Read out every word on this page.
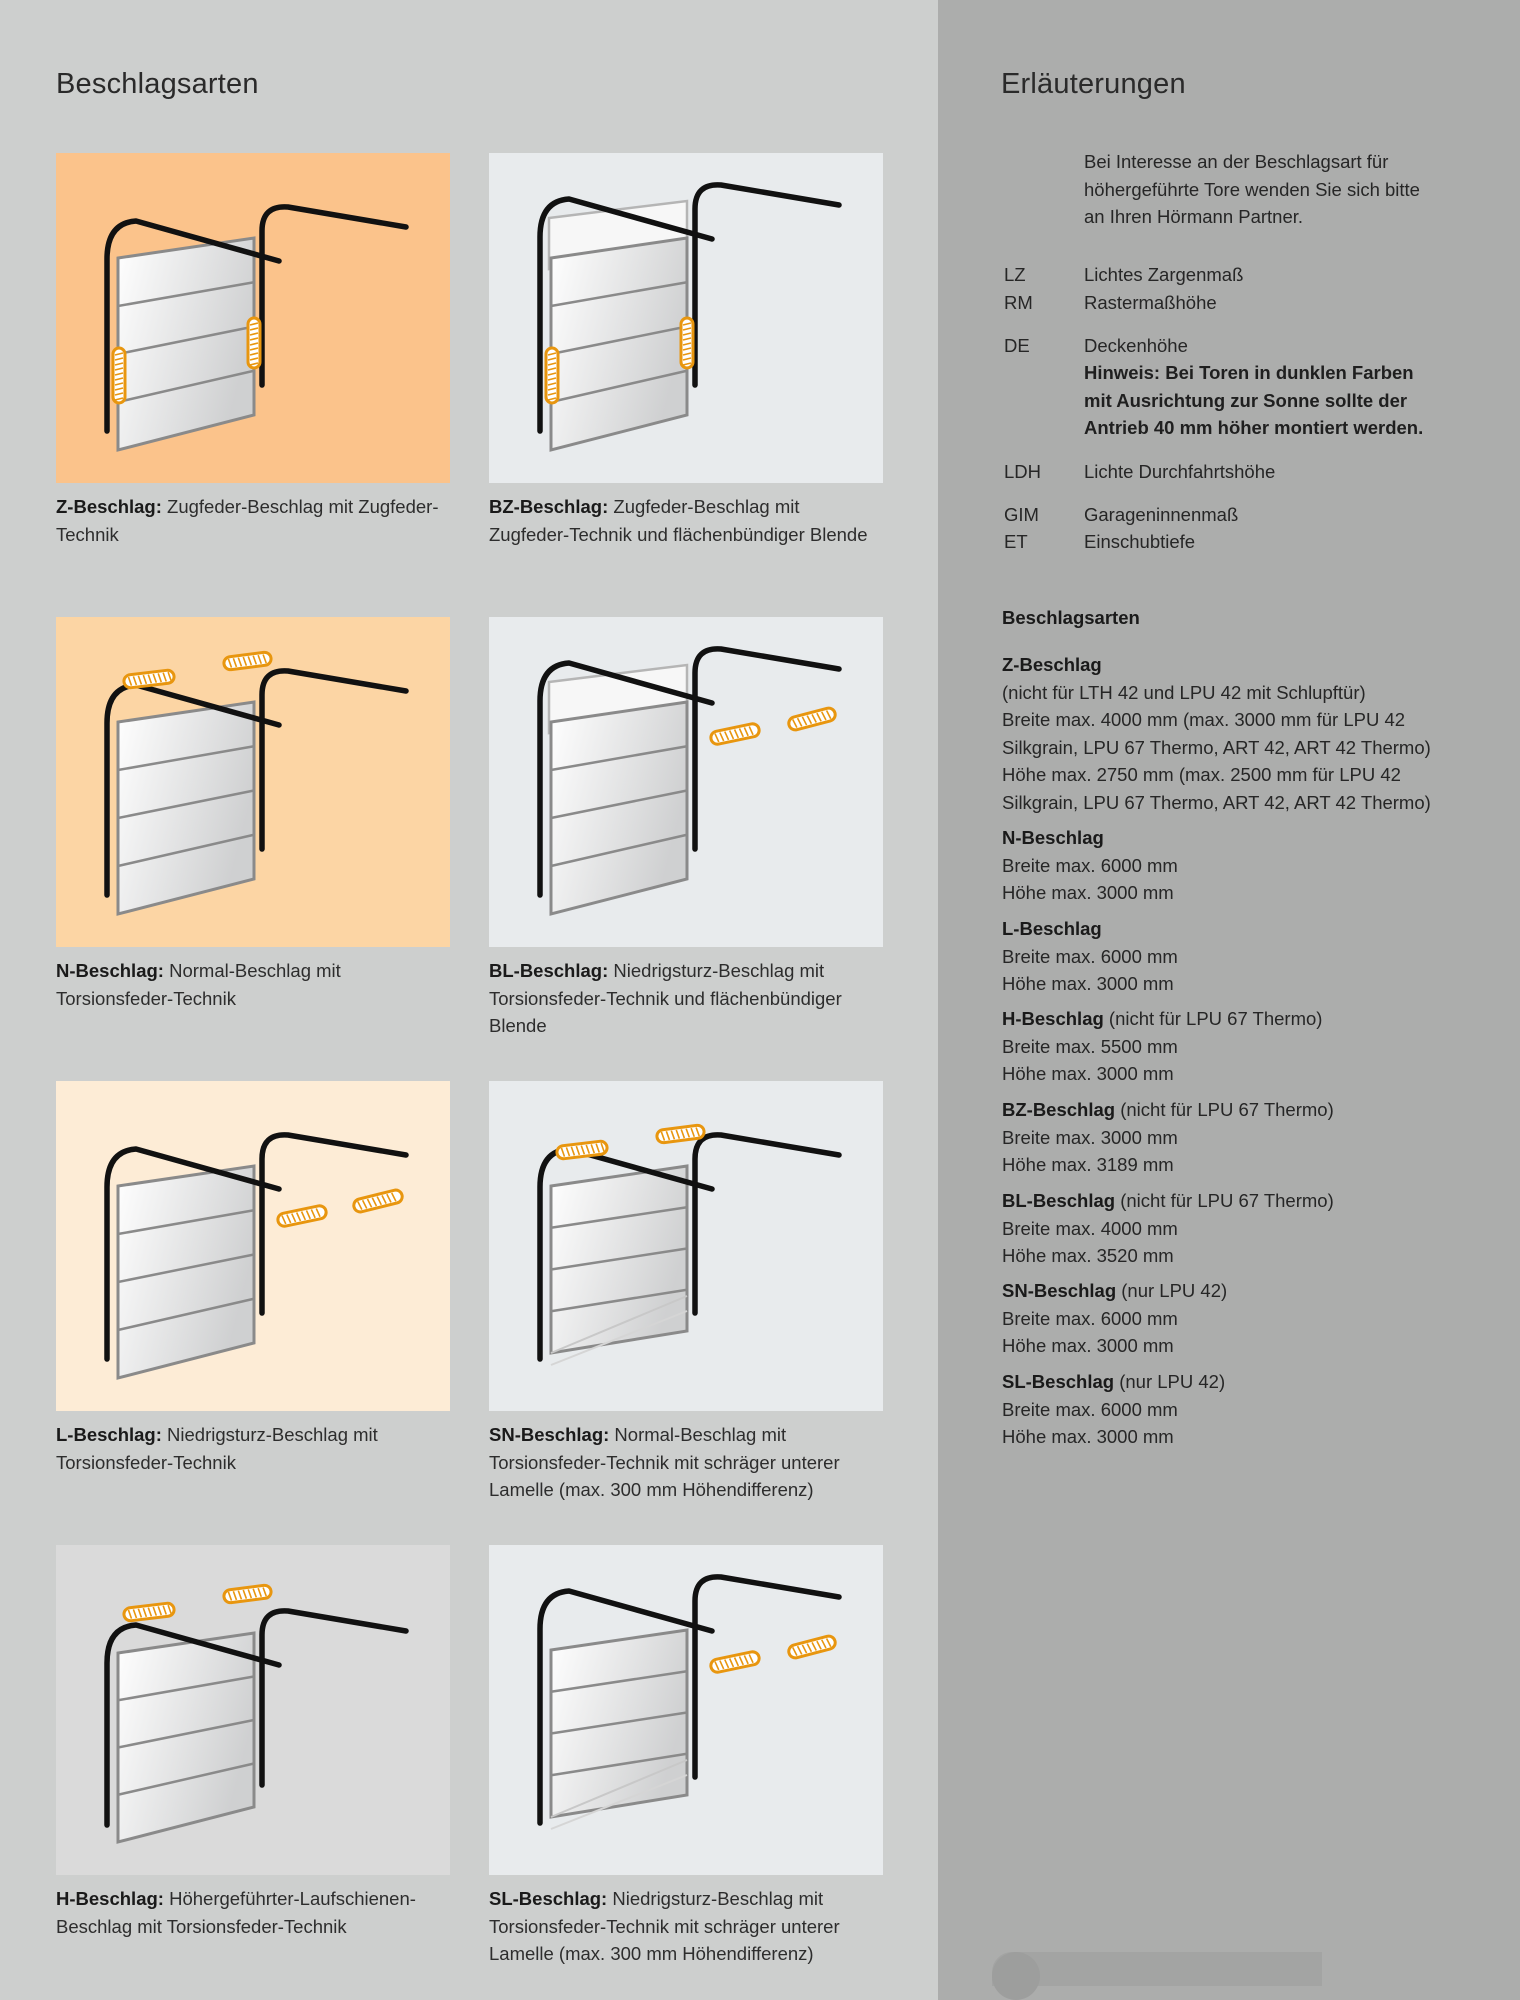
Beschlagsarten
Z-Beschlag: Zugfeder-Beschlag mit Zugfeder-Technik
BZ-Beschlag: Zugfeder-Beschlag mit Zugfeder-Technik und flächenbündiger Blende
N-Beschlag: Normal-Beschlag mit Torsionsfeder-Technik
BL-Beschlag: Niedrigsturz-Beschlag mit Torsionsfeder-Technik und flächenbündiger Blende
L-Beschlag: Niedrigsturz-Beschlag mit Torsionsfeder-Technik
SN-Beschlag: Normal-Beschlag mit Torsionsfeder-Technik mit schräger unterer Lamelle (max. 300 mm Höhendifferenz)
H-Beschlag: Höhergeführter-Laufschienen-Beschlag mit Torsionsfeder-Technik
SL-Beschlag: Niedrigsturz-Beschlag mit Torsionsfeder-Technik mit schräger unterer Lamelle (max. 300 mm Höhendifferenz)
Erläuterungen
Bei Interesse an der Beschlagsart für
höhergeführte Tore wenden Sie sich bitte
an Ihren Hörmann Partner.
LZ	Lichtes Zargenmaß
RM	Rastermaßhöhe
DE	Deckenhöhe
Hinweis: Bei Toren in dunklen Farben
mit Ausrichtung zur Sonne sollte der
Antrieb 40 mm höher montiert werden.
LDH	Lichte Durchfahrtshöhe
GIM	Garageninnenmaß
ET	Einschubtiefe
Beschlagsarten
Z-Beschlag
(nicht für LTH 42 und LPU 42 mit Schlupftür)
Breite max. 4000 mm (max. 3000 mm für LPU 42
Silkgrain, LPU 67 Thermo, ART 42, ART 42 Thermo)
Höhe max. 2750 mm (max. 2500 mm für LPU 42
Silkgrain, LPU 67 Thermo, ART 42, ART 42 Thermo)
N-Beschlag
Breite max. 6000 mm
Höhe max. 3000 mm
L-Beschlag
Breite max. 6000 mm
Höhe max. 3000 mm
H-Beschlag (nicht für LPU 67 Thermo)
Breite max. 5500 mm
Höhe max. 3000 mm
BZ-Beschlag (nicht für LPU 67 Thermo)
Breite max. 3000 mm
Höhe max. 3189 mm
BL-Beschlag (nicht für LPU 67 Thermo)
Breite max. 4000 mm
Höhe max. 3520 mm
SN-Beschlag (nur LPU 42)
Breite max. 6000 mm
Höhe max. 3000 mm
SL-Beschlag (nur LPU 42)
Breite max. 6000 mm
Höhe max. 3000 mm
